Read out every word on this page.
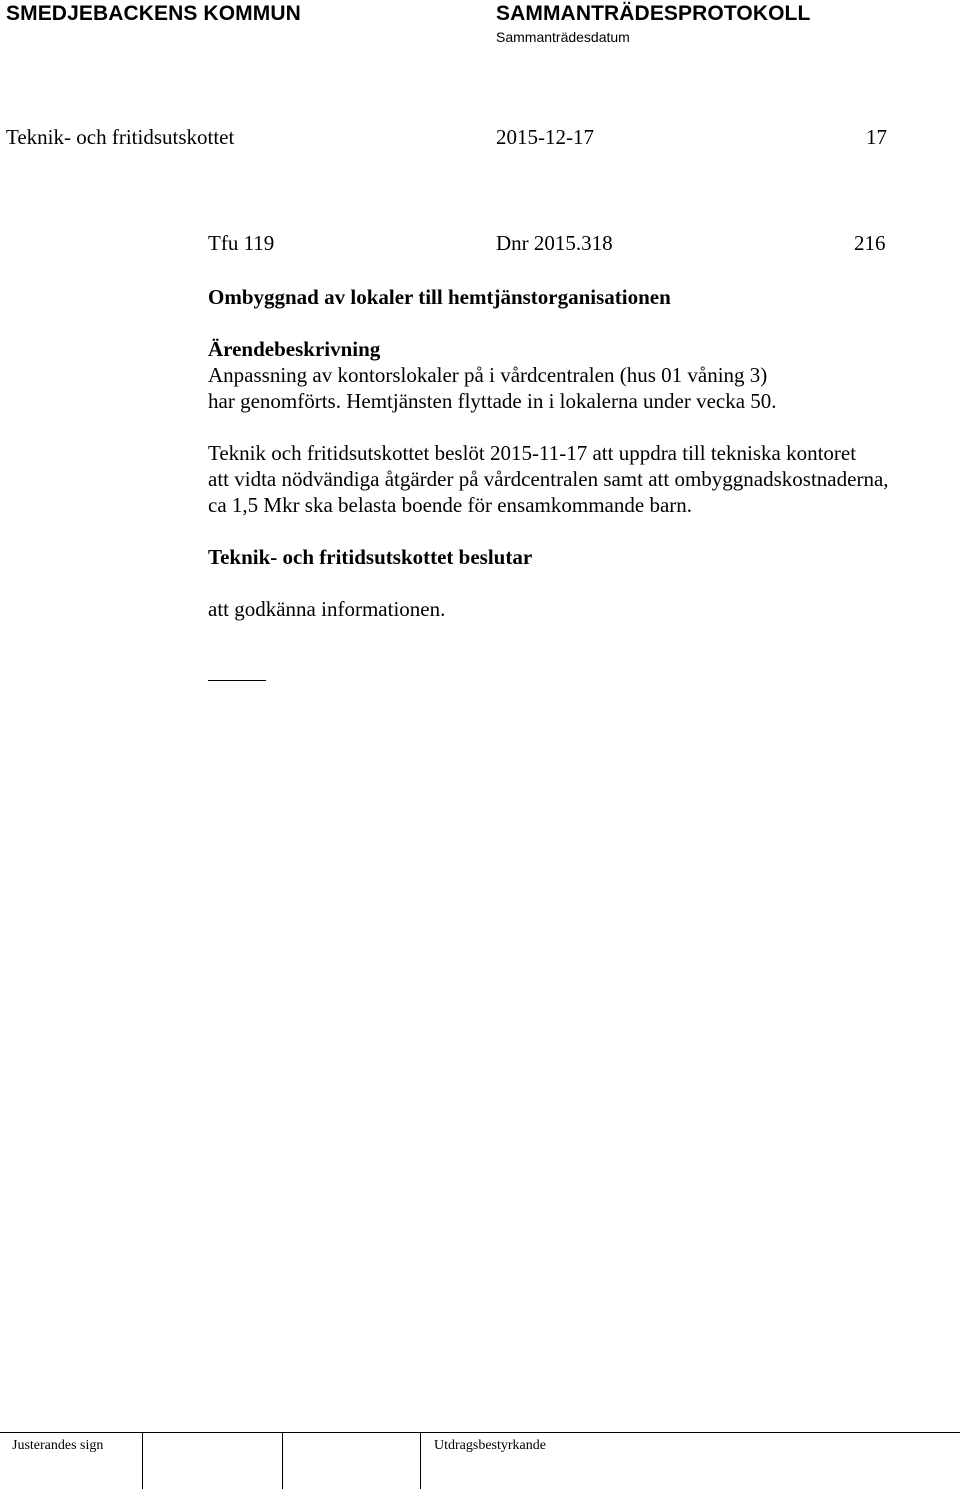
SMEDJEBACKENS KOMMUN	SAMMANTRÄDESPROTOKOLL
Sammanträdesdatum
Teknik- och fritidsutskottet	2015-12-17	17
Tfu 119	Dnr 2015.318	216

Ombyggnad av lokaler till hemtjänstorganisationen

Ärendebeskrivning

Anpassning av kontorslokaler på i vårdcentralen (hus 01 våning 3)

har genomförts. Hemtjänsten flyttade in i lokalerna under vecka 50.

Teknik och fritidsutskottet beslöt 2015-11-17 att uppdra till tekniska kontoret

att vidta nödvändiga åtgärder på vårdcentralen samt att ombyggnadskostnaderna,

ca 1,5 Mkr ska belasta boende för ensamkommande barn.

Teknik- och fritidsutskottet beslutar

att godkänna informationen.

Justerandes sign	Utdragsbestyrkande
